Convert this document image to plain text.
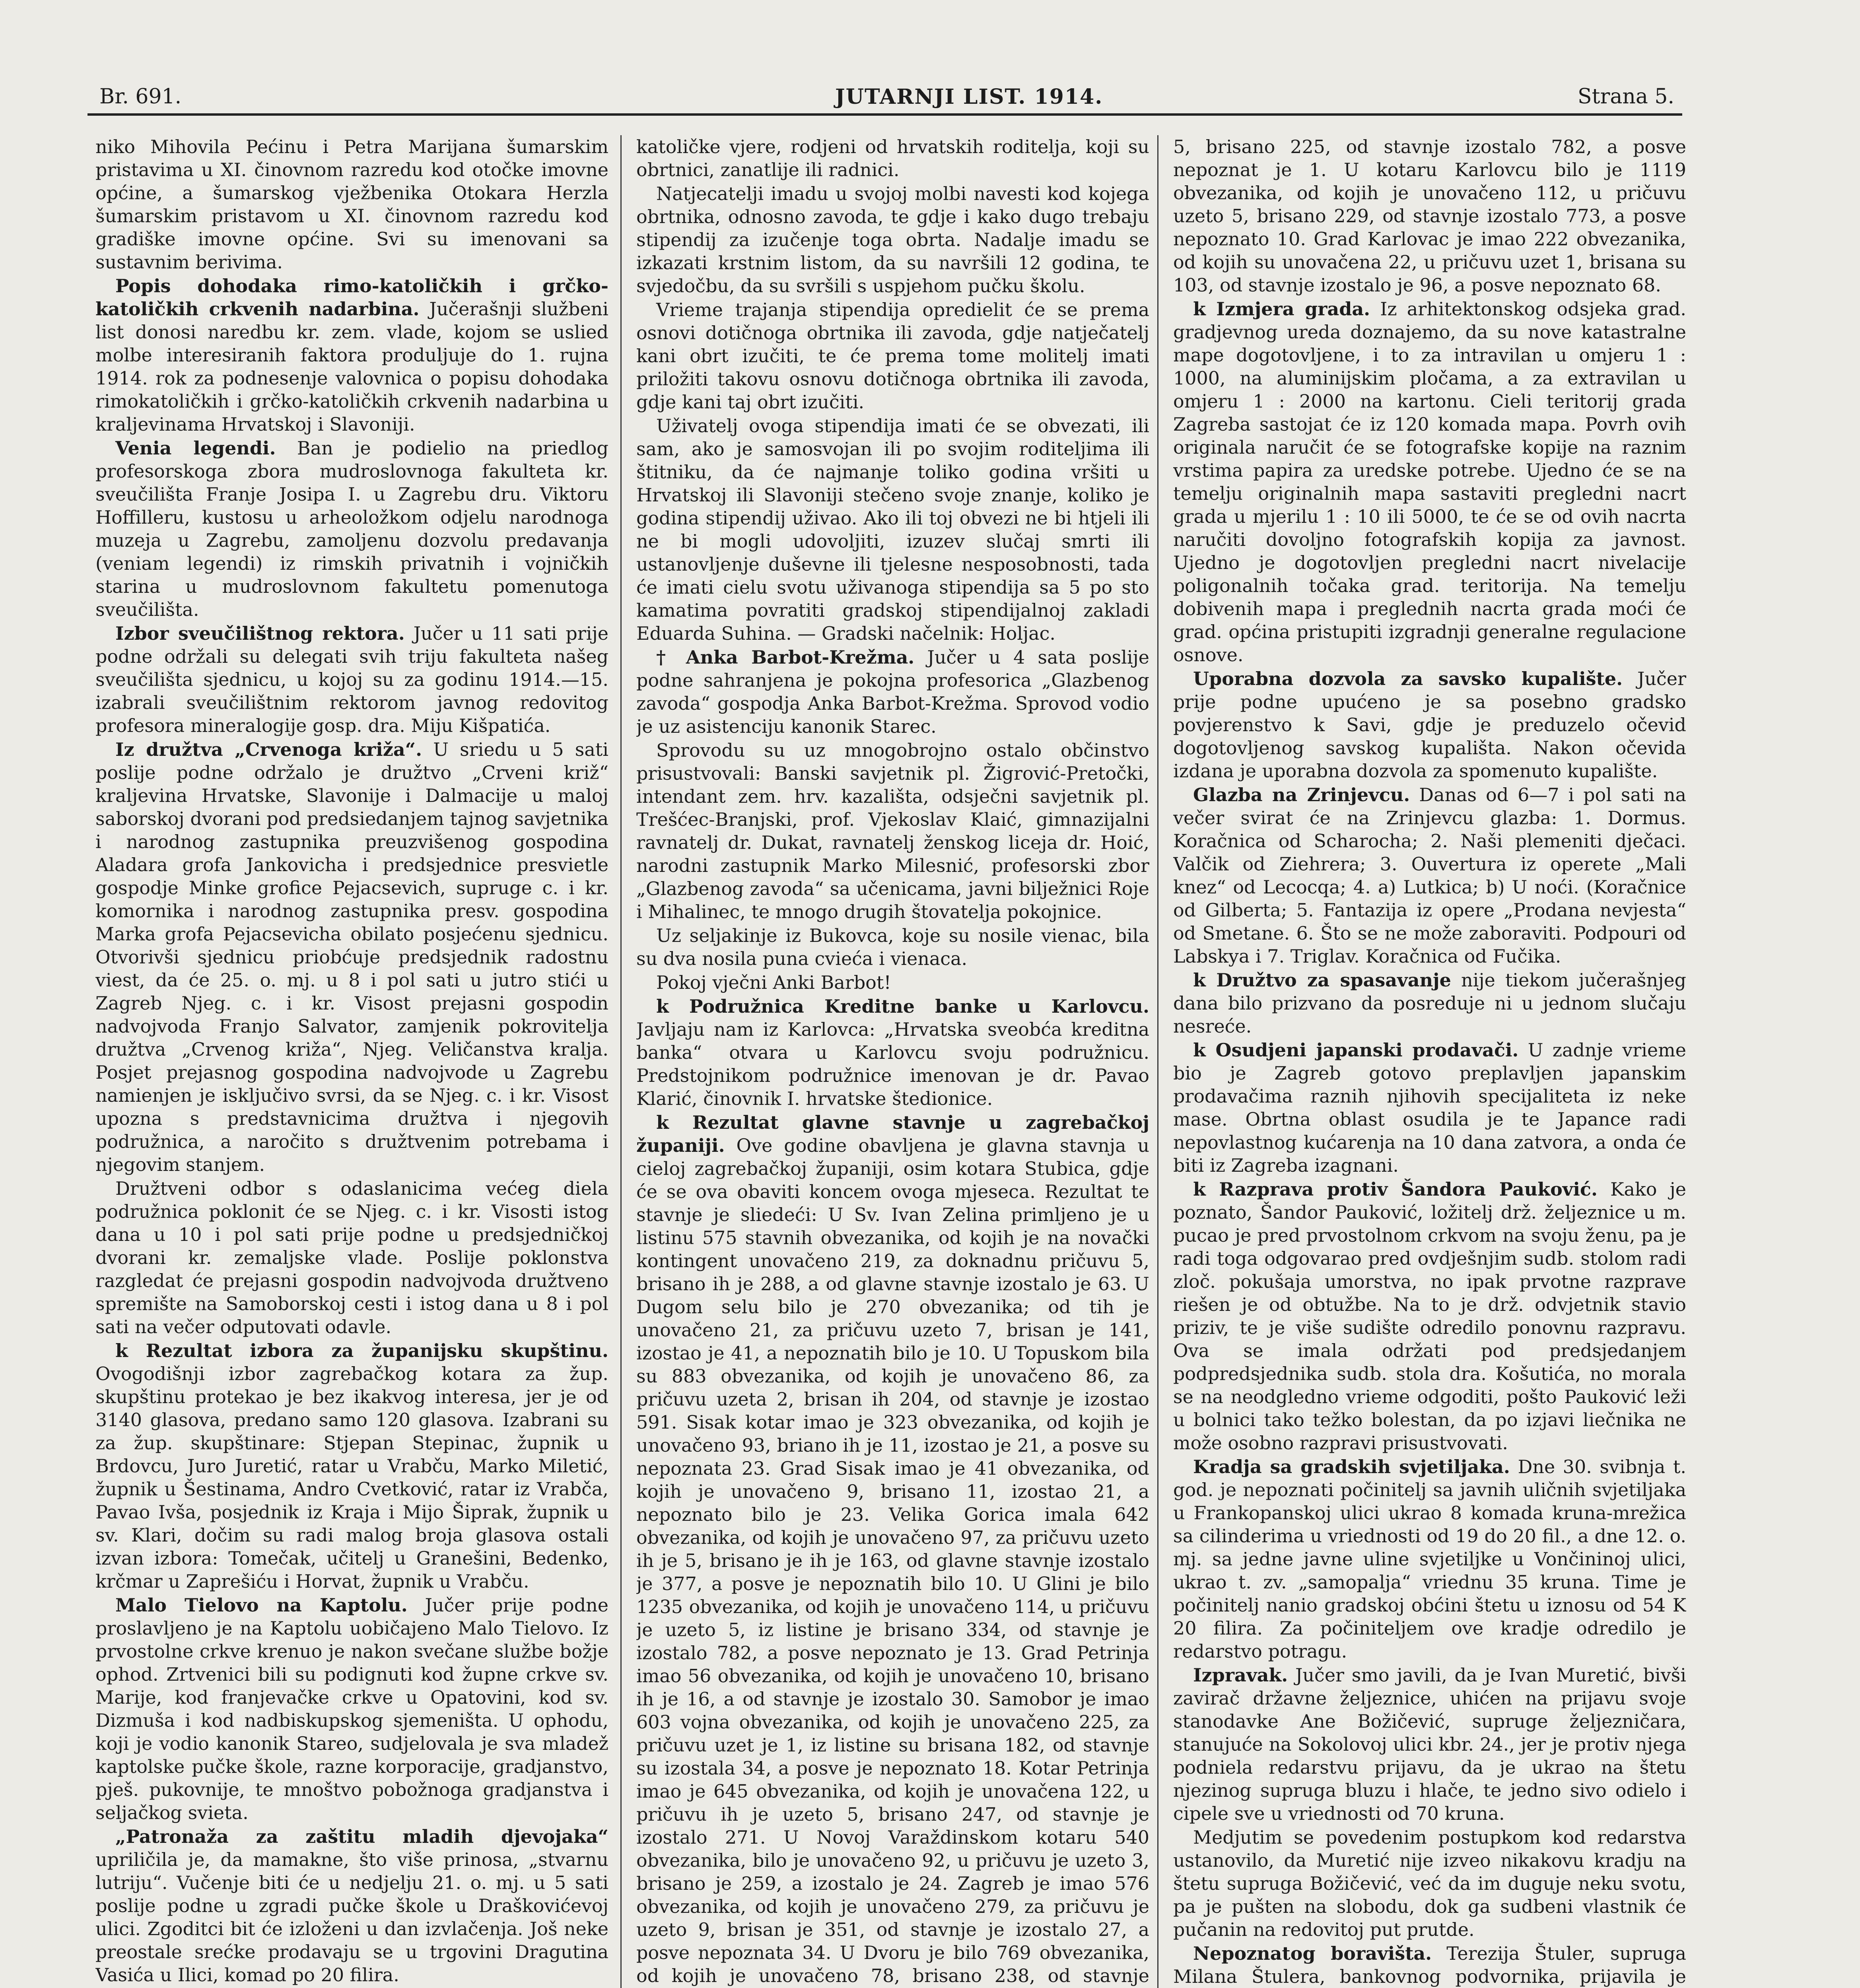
Br. 691.	JUTARNJI LIST. 1914.	Strana 5.

niko Mihovila Pećinu i Petra Marijana šumarskim pristavima u XI. činovnom razredu kod otočke imovne općine, a šumarskog vježbenika Otokara Herzla šumarskim pristavom u XI. činovnom razredu kod gradiške imovne općine. Svi su imenovani sa sustavnim berivima.

Popis dohodaka rimo-katoličkih i grčko-katoličkih crkvenih nadarbina. Jučerašnji službeni list donosi naredbu kr. zem. vlade, kojom se uslied molbe interesiranih faktora produljuje do 1. rujna 1914. rok za podnesenje valovnica o popisu dohodaka rimokatoličkih i grčko-katoličkih crkvenih nadarbina u kraljevinama Hrvatskoj i Slavoniji.

Venia legendi. Ban je podielio na priedlog profesorskoga zbora mudroslovnoga fakulteta kr. sveučilišta Franje Josipa I. u Zagrebu dru. Viktoru Hoffilleru, kustosu u arheoložkom odjelu narodnoga muzeja u Zagrebu, zamoljenu dozvolu predavanja (veniam legendi) iz rimskih privatnih i vojničkih starina u mudroslovnom fakultetu pomenutoga sveučilišta.

Izbor sveučilištnog rektora. Jučer u 11 sati prije podne održali su delegati svih triju fakulteta našeg sveučilišta sjednicu, u kojoj su za godinu 1914.—15. izabrali sveučilištnim rektorom javnog redovitog profesora mineralogije gosp. dra. Miju Kišpatića.

Iz družtva „Crvenoga križa“. U sriedu u 5 sati poslije podne održalo je družtvo „Crveni križ“ kraljevina Hrvatske, Slavonije i Dalmacije u maloj saborskoj dvorani pod predsiedanjem tajnog savjetnika i narodnog zastupnika preuzvišenog gospodina Aladara grofa Jankovicha i predsjednice presvietle gospodje Minke grofice Pejacsevich, supruge c. i kr. komornika i narodnog zastupnika presv. gospodina Marka grofa Pejacsevicha obilato posjećenu sjednicu. Otvorivši sjednicu priobćuje predsjednik radostnu viest, da će 25. o. mj. u 8 i pol sati u jutro stići u Zagreb Njeg. c. i kr. Visost prejasni gospodin nadvojvoda Franjo Salvator, zamjenik pokrovitelja družtva „Crvenog križa“, Njeg. Veličanstva kralja. Posjet prejasnog gospodina nadvojvode u Zagrebu namienjen je isključivo svrsi, da se Njeg. c. i kr. Visost upozna s predstavnicima družtva i njegovih podružnica, a naročito s družtvenim potrebama i njegovim stanjem.

Družtveni odbor s odaslanicima većeg diela podružnica poklonit će se Njeg. c. i kr. Visosti istog dana u 10 i pol sati prije podne u predsjedničkoj dvorani kr. zemaljske vlade. Poslije poklonstva razgledat će prejasni gospodin nadvojvoda družtveno spremište na Samoborskoj cesti i istog dana u 8 i pol sati na večer odputovati odavle.

k Rezultat izbora za županijsku skupštinu. Ovogodišnji izbor zagrebačkog kotara za žup. skupštinu protekao je bez ikakvog interesa, jer je od 3140 glasova, predano samo 120 glasova. Izabrani su za žup. skupštinare: Stjepan Stepinac, župnik u Brdovcu, Juro Juretić, ratar u Vrabču, Marko Miletić, župnik u Šestinama, Andro Cvetković, ratar iz Vrabča, Pavao Ivša, posjednik iz Kraja i Mijo Šiprak, župnik u sv. Klari, dočim su radi malog broja glasova ostali izvan izbora: Tomečak, učitelj u Granešini, Bedenko, krčmar u Zaprešiću i Horvat, župnik u Vrabču.

Malo Tielovo na Kaptolu. Jučer prije podne proslavljeno je na Kaptolu uobičajeno Malo Tielovo. Iz prvostolne crkve krenuo je nakon svečane službe božje ophod. Zrtvenici bili su podignuti kod župne crkve sv. Marije, kod franjevačke crkve u Opatovini, kod sv. Dizmuša i kod nadbiskupskog sjemeništa. U ophodu, koji je vodio kanonik Stareo, sudjelovala je sva mladež kaptolske pučke škole, razne korporacije, gradjanstvo, pješ. pukovnije, te mnoštvo pobožnoga gradjanstva i seljačkog svieta.

„Patronaža za zaštitu mladih djevojaka“ upriličila je, da mamakne, što više prinosa, „stvarnu lutriju“. Vučenje biti će u nedjelju 21. o. mj. u 5 sati poslije podne u zgradi pučke škole u Draškovićevoj ulici. Zgoditci bit će izloženi u dan izvlačenja. Još neke preostale srećke prodavaju se u trgovini Dragutina Vasića u Ilici, komad po 20 filira.

katoličke vjere, rodjeni od hrvatskih roditelja, koji su obrtnici, zanatlije ili radnici.

Natjecatelji imadu u svojoj molbi navesti kod kojega obrtnika, odnosno zavoda, te gdje i kako dugo trebaju stipendij za izučenje toga obrta. Nadalje imadu se izkazati krstnim listom, da su navršili 12 godina, te svjedočbu, da su svršili s uspjehom pučku školu.

Vrieme trajanja stipendija opredielit će se prema osnovi dotičnoga obrtnika ili zavoda, gdje natječatelj kani obrt izučiti, te će prema tome molitelj imati priložiti takovu osnovu dotičnoga obrtnika ili zavoda, gdje kani taj obrt izučiti.

Uživatelj ovoga stipendija imati će se obvezati, ili sam, ako je samosvojan ili po svojim roditeljima ili štitniku, da će najmanje toliko godina vršiti u Hrvatskoj ili Slavoniji stečeno svoje znanje, koliko je godina stipendij uživao. Ako ili toj obvezi ne bi htjeli ili ne bi mogli udovoljiti, izuzev slučaj smrti ili ustanovljenje duševne ili tjelesne nesposobnosti, tada će imati cielu svotu uživanoga stipendija sa 5 po sto kamatima povratiti gradskoj stipendijalnoj zakladi Eduarda Suhina. — Gradski načelnik: Holjac.

† Anka Barbot-Krežma. Jučer u 4 sata poslije podne sahranjena je pokojna profesorica „Glazbenog zavoda“ gospodja Anka Barbot-Krežma. Sprovod vodio je uz asistenciju kanonik Starec.

Sprovodu su uz mnogobrojno ostalo občinstvo prisustvovali: Banski savjetnik pl. Žigrović-Pretočki, intendant zem. hrv. kazališta, odsječni savjetnik pl. Trešćec-Branjski, prof. Vjekoslav Klaić, gimnazijalni ravnatelj dr. Dukat, ravnatelj ženskog liceja dr. Hoić, narodni zastupnik Marko Milesnić, profesorski zbor „Glazbenog zavoda“ sa učenicama, javni bilježnici Roje i Mihalinec, te mnogo drugih štovatelja pokojnice.

Uz seljakinje iz Bukovca, koje su nosile vienac, bila su dva nosila puna cvieća i vienaca.

Pokoj vječni Anki Barbot!

k Podružnica Kreditne banke u Karlovcu. Javljaju nam iz Karlovca: „Hrvatska sveobća kreditna banka“ otvara u Karlovcu svoju podružnicu. Predstojnikom podružnice imenovan je dr. Pavao Klarić, činovnik I. hrvatske štedionice.

k Rezultat glavne stavnje u zagrebačkoj županiji. Ove godine obavljena je glavna stavnja u cieloj zagrebačkoj županiji, osim kotara Stubica, gdje će se ova obaviti koncem ovoga mjeseca. Rezultat te stavnje je sliedeći: U Sv. Ivan Zelina primljeno je u listinu 575 stavnih obvezanika, od kojih je na novački kontingent unovačeno 219, za doknadnu pričuvu 5, brisano ih je 288, a od glavne stavnje izostalo je 63. U Dugom selu bilo je 270 obvezanika; od tih je unovačeno 21, za pričuvu uzeto 7, brisan je 141, izostao je 41, a nepoznatih bilo je 10. U Topuskom bila su 883 obvezanika, od kojih je unovačeno 86, za pričuvu uzeta 2, brisan ih 204, od stavnje je izostao 591. Sisak kotar imao je 323 obvezanika, od kojih je unovačeno 93, briano ih je 11, izostao je 21, a posve su nepoznata 23. Grad Sisak imao je 41 obvezanika, od kojih je unovačeno 9, brisano 11, izostao 21, a nepoznato bilo je 23. Velika Gorica imala 642 obvezanika, od kojih je unovačeno 97, za pričuvu uzeto ih je 5, brisano je ih je 163, od glavne stavnje izostalo je 377, a posve je nepoznatih bilo 10. U Glini je bilo 1235 obvezanika, od kojih je unovačeno 114, u pričuvu je uzeto 5, iz listine je brisano 334, od stavnje je izostalo 782, a posve nepoznato je 13. Grad Petrinja imao 56 obvezanika, od kojih je unovačeno 10, brisano ih je 16, a od stavnje je izostalo 30. Samobor je imao 603 vojna obvezanika, od kojih je unovačeno 225, za pričuvu uzet je 1, iz listine su brisana 182, od stavnje su izostala 34, a posve je nepoznato 18. Kotar Petrinja imao je 645 obvezanika, od kojih je unovačena 122, u pričuvu ih je uzeto 5, brisano 247, od stavnje je izostalo 271. U Novoj Varaždinskom kotaru 540 obvezanika, bilo je unovačeno 92, u pričuvu je uzeto 3, brisano je 259, a izostalo je 24. Zagreb je imao 576 obvezanika, od kojih je unovačeno 279, za pričuvu je uzeto 9, brisan je 351, od stavnje je izostalo 27, a posve nepoznata 34. U Dvoru je bilo 769 obvezanika, od kojih je unovačeno 78, brisano 238, od stavnje

5, brisano 225, od stavnje izostalo 782, a posve nepoznat je 1. U kotaru Karlovcu bilo je 1119 obvezanika, od kojih je unovačeno 112, u pričuvu uzeto 5, brisano 229, od stavnje izostalo 773, a posve nepoznato 10. Grad Karlovac je imao 222 obvezanika, od kojih su unovačena 22, u pričuvu uzet 1, brisana su 103, od stavnje izostalo je 96, a posve nepoznato 68.

k Izmjera grada. Iz arhitektonskog odsjeka grad. gradjevnog ureda doznajemo, da su nove katastralne mape dogotovljene, i to za intravilan u omjeru 1 : 1000, na aluminijskim pločama, a za extravilan u omjeru 1 : 2000 na kartonu. Cieli teritorij grada Zagreba sastojat će iz 120 komada mapa. Povrh ovih originala naručit će se fotografske kopije na raznim vrstima papira za uredske potrebe. Ujedno će se na temelju originalnih mapa sastaviti pregledni nacrt grada u mjerilu 1 : 10 ili 5000, te će se od ovih nacrta naručiti dovoljno fotografskih kopija za javnost. Ujedno je dogotovljen pregledni nacrt nivelacije poligonalnih točaka grad. teritorija. Na temelju dobivenih mapa i preglednih nacrta grada moći će grad. općina pristupiti izgradnji generalne regulacione osnove.

Uporabna dozvola za savsko kupalište. Jučer prije podne upućeno je sa posebno gradsko povjerenstvo k Savi, gdje je preduzelo očevid dogotovljenog savskog kupališta. Nakon očevida izdana je uporabna dozvola za spomenuto kupalište.

Glazba na Zrinjevcu. Danas od 6—7 i pol sati na večer svirat će na Zrinjevcu glazba: 1. Dormus. Koračnica od Scharocha; 2. Naši plemeniti dječaci. Valčik od Ziehrera; 3. Ouvertura iz operete „Mali knez“ od Lecocqa; 4. a) Lutkica; b) U noći. (Koračnice od Gilberta; 5. Fantazija iz opere „Prodana nevjesta“ od Smetane. 6. Što se ne može zaboraviti. Podpouri od Labskya i 7. Triglav. Koračnica od Fučika.

k Družtvo za spasavanje nije tiekom jučerašnjeg dana bilo prizvano da posreduje ni u jednom slučaju nesreće.

k Osudjeni japanski prodavači. U zadnje vrieme bio je Zagreb gotovo preplavljen japanskim prodavačima raznih njihovih specijaliteta iz neke mase. Obrtna oblast osudila je te Japance radi nepovlastnog kućarenja na 10 dana zatvora, a onda će biti iz Zagreba izagnani.

k Razprava protiv Šandora Pauković. Kako je poznato, Šandor Pauković, ložitelj drž. željeznice u m. pucao je pred prvostolnom crkvom na svoju ženu, pa je radi toga odgovarao pred ovdješnjim sudb. stolom radi zloč. pokušaja umorstva, no ipak prvotne razprave riešen je od obtužbe. Na to je drž. odvjetnik stavio priziv, te je više sudište odredilo ponovnu razpravu. Ova se imala održati pod predsjedanjem podpredsjednika sudb. stola dra. Košutića, no morala se na neodgledno vrieme odgoditi, pošto Pauković leži u bolnici tako težko bolestan, da po izjavi liečnika ne može osobno razpravi prisustvovati.

Kradja sa gradskih svjetiljaka. Dne 30. svibnja t. god. je nepoznati počinitelj sa javnih uličnih svjetiljaka u Frankopanskoj ulici ukrao 8 komada kruna-mrežica sa cilinderima u vriednosti od 19 do 20 fil., a dne 12. o. mj. sa jedne javne uline svjetiljke u Vončininoj ulici, ukrao t. zv. „samopalja“ vriednu 35 kruna. Time je počinitelj nanio gradskoj obćini štetu u iznosu od 54 K 20 filira. Za počiniteljem ove kradje odredilo je redarstvo potragu.

Izpravak. Jučer smo javili, da je Ivan Muretić, bivši zavirač državne željeznice, uhićen na prijavu svoje stanodavke Ane Božičević, supruge željezničara, stanujuće na Sokolovoj ulici kbr. 24., jer je protiv njega podniela redarstvu prijavu, da je ukrao na štetu njezinog supruga bluzu i hlače, te jedno sivo odielo i cipele sve u vriednosti od 70 kruna.

Medjutim se povedenim postupkom kod redarstva ustanovilo, da Muretić nije izveo nikakovu kradju na štetu supruga Božičević, već da im duguje neku svotu, pa je pušten na slobodu, dok ga sudbeni vlastnik će pučanin na redovitoj put prutde.

Nepoznatog boravišta. Terezija Štuler, supruga Milana Štulera, bankovnog podvornika, prijavila je
